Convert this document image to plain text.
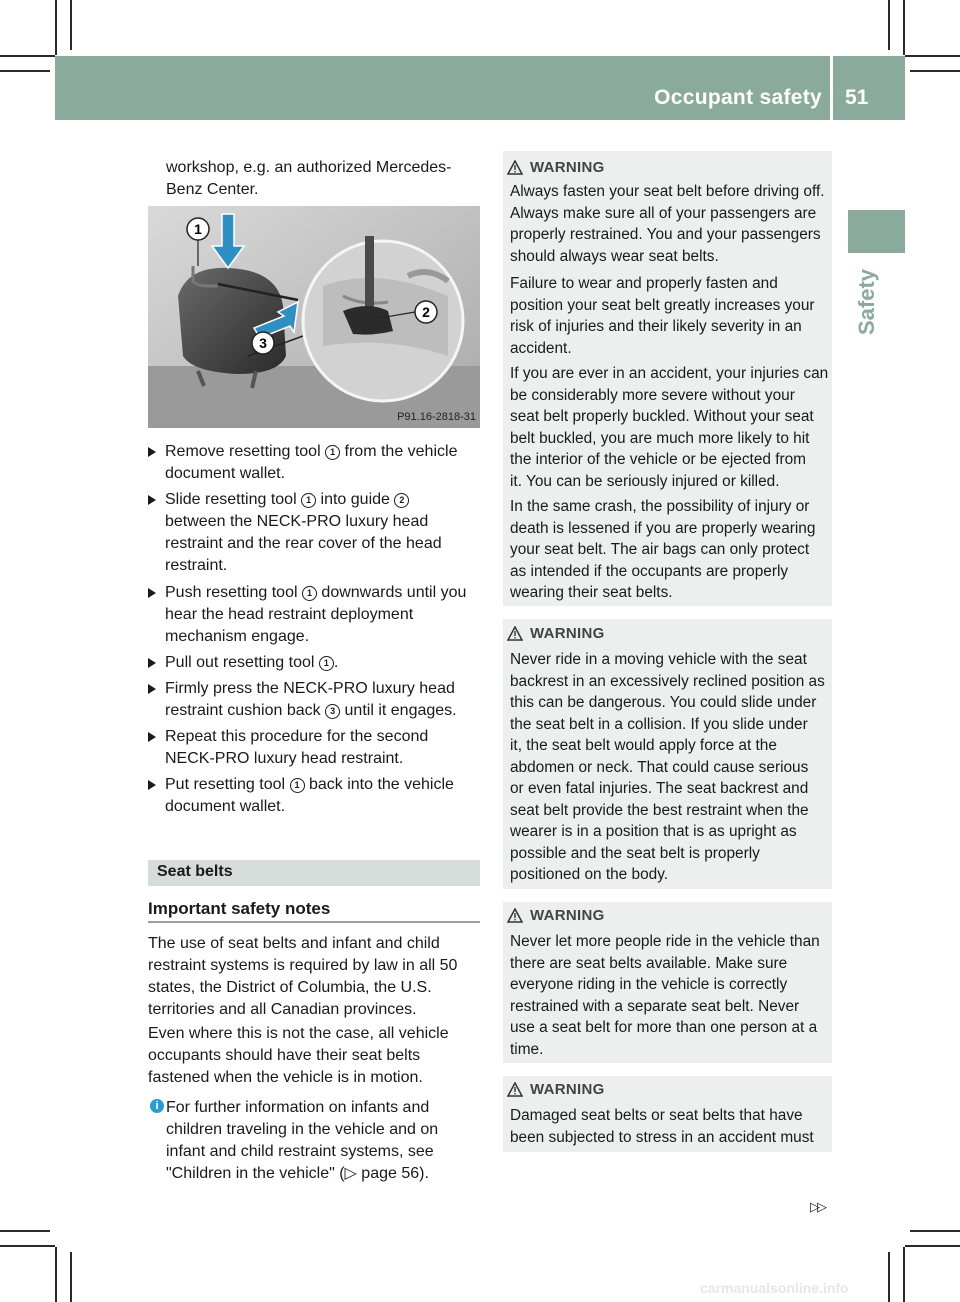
Occupant safety 51
Safety
workshop, e.g. an authorized Mercedes-
Benz Center.
1
2
3
P91.16-2818-31
Remove resetting tool 1 from the vehicle
document wallet.
Slide resetting tool 1 into guide 2
between the NECK-PRO luxury head
restraint and the rear cover of the head
restraint.
Push resetting tool 1 downwards until you
hear the head restraint deployment
mechanism engage.
Pull out resetting tool 1 .
Firmly press the NECK-PRO luxury head
restraint cushion back 3 until it engages.
Repeat this procedure for the second
NECK-PRO luxury head restraint.
Put resetting tool 1 back into the vehicle
document wallet.
Seat belts
Important safety notes
The use of seat belts and infant and child
restraint systems is required by law in all 50
states, the District of Columbia, the U.S.
territories and all Canadian provinces.
Even where this is not the case, all vehicle
occupants should have their seat belts
fastened when the vehicle is in motion.
i For further information on infants and
children traveling in the vehicle and on
infant and child restraint systems, see
"Children in the vehicle" (▷ page 56).
WARNING
Always fasten your seat belt before driving off.
Always make sure all of your passengers are
properly restrained. You and your passengers
should always wear seat belts.
Failure to wear and properly fasten and
position your seat belt greatly increases your
risk of injuries and their likely severity in an
accident.
If you are ever in an accident, your injuries can
be considerably more severe without your
seat belt properly buckled. Without your seat
belt buckled, you are much more likely to hit
the interior of the vehicle or be ejected from
it. You can be seriously injured or killed.
In the same crash, the possibility of injury or
death is lessened if you are properly wearing
your seat belt. The air bags can only protect
as intended if the occupants are properly
wearing their seat belts.
WARNING
Never ride in a moving vehicle with the seat
backrest in an excessively reclined position as
this can be dangerous. You could slide under
the seat belt in a collision. If you slide under
it, the seat belt would apply force at the
abdomen or neck. That could cause serious
or even fatal injuries. The seat backrest and
seat belt provide the best restraint when the
wearer is in a position that is as upright as
possible and the seat belt is properly
positioned on the body.
WARNING
Never let more people ride in the vehicle than
there are seat belts available. Make sure
everyone riding in the vehicle is correctly
restrained with a separate seat belt. Never
use a seat belt for more than one person at a
time.
WARNING
Damaged seat belts or seat belts that have
been subjected to stress in an accident must
▷▷
carmanualsonline.info
